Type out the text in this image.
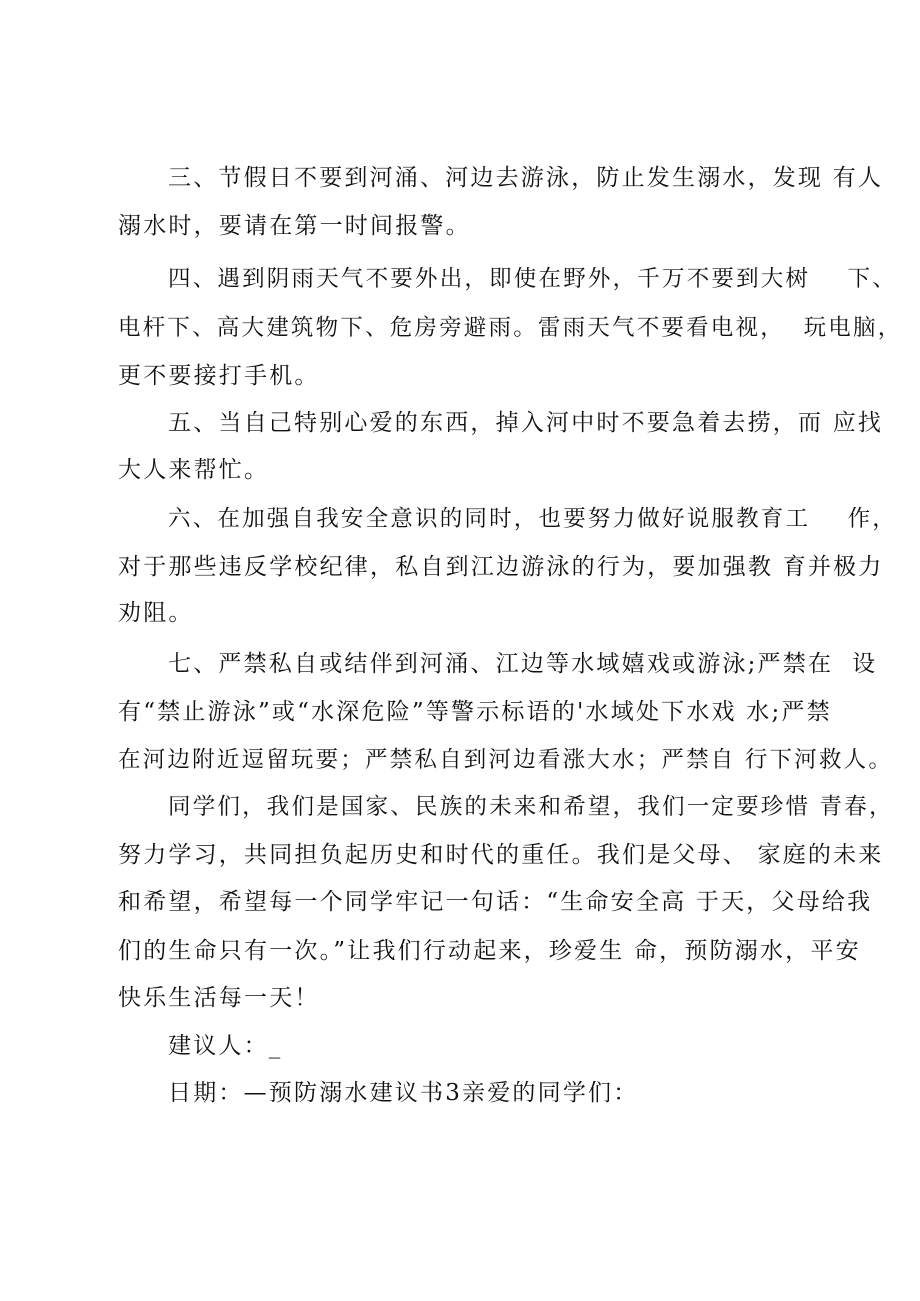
三、节假日不要到河涌、河边去游泳，防止发生溺水，发现 有人
溺水时，要请在第一时间报警。
四、遇到阴雨天气不要外出，即使在野外，千万不要到大树    下、
电杆下、高大建筑物下、危房旁避雨。雷雨天气不要看电视，  玩电脑，
更不要接打手机。
五、当自己特别心爱的东西，掉入河中时不要急着去捞，而 应找
大人来帮忙。
六、在加强自我安全意识的同时，也要努力做好说服教育工    作，
对于那些违反学校纪律，私自到江边游泳的行为，要加强教 育并极力
劝阻。
七、严禁私自或结伴到河涌、江边等水域嬉戏或游泳;严禁在  设
有“禁止游泳”或“水深危险”等警示标语的'水域处下水戏 水;严禁
在河边附近逗留玩要；严禁私自到河边看涨大水；严禁自 行下河救人。
同学们，我们是国家、民族的未来和希望，我们一定要珍惜 青春，
努力学习，共同担负起历史和时代的重任。我们是父母、 家庭的未来
和希望，希望每一个同学牢记一句话：“生命安全高 于天，父母给我
们的生命只有一次。”让我们行动起来，珍爱生 命，预防溺水，平安
快乐生活每一天！
建议人：_
日期：—预防溺水建议书3亲爱的同学们：
